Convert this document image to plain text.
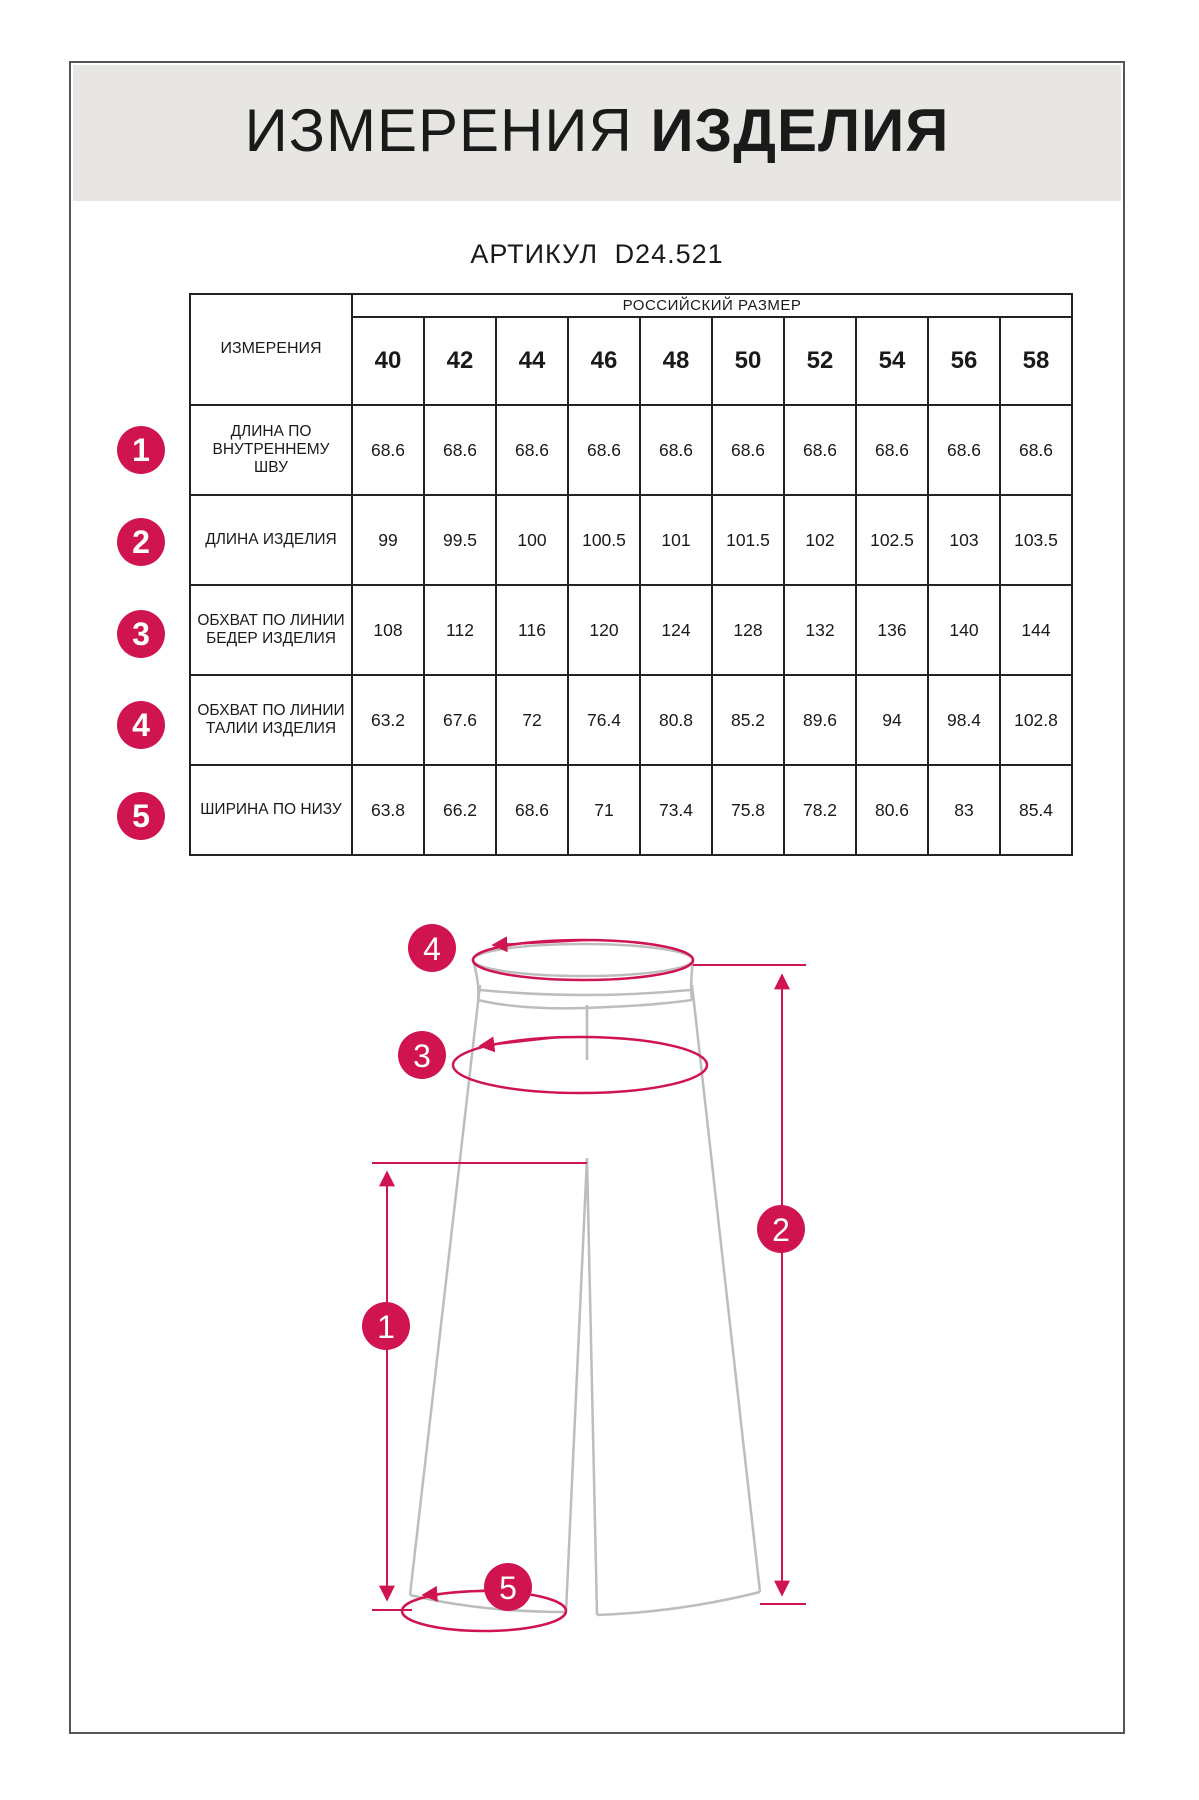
ИЗМЕРЕНИЯ ИЗДЕЛИЯ
АРТИКУЛ D24.521
ИЗМЕРЕНИЯ	РОССИЙСКИЙ РАЗМЕР									
	40	42	44	46	48	50	52	54	56	58
ДЛИНА ПО ВНУТРЕННЕМУ ШВУ	68.6	68.6	68.6	68.6	68.6	68.6	68.6	68.6	68.6	68.6
ДЛИНА ИЗДЕЛИЯ	99	99.5	100	100.5	101	101.5	102	102.5	103	103.5
ОБХВАТ ПО ЛИНИИ БЕДЕР ИЗДЕЛИЯ	108	112	116	120	124	128	132	136	140	144
ОБХВАТ ПО ЛИНИИ ТАЛИИ ИЗДЕЛИЯ	63.2	67.6	72	76.4	80.8	85.2	89.6	94	98.4	102.8
ШИРИНА ПО НИЗУ	63.8	66.2	68.6	71	73.4	75.8	78.2	80.6	83	85.4
1
2
3
4
5
4
3
1
2
5
